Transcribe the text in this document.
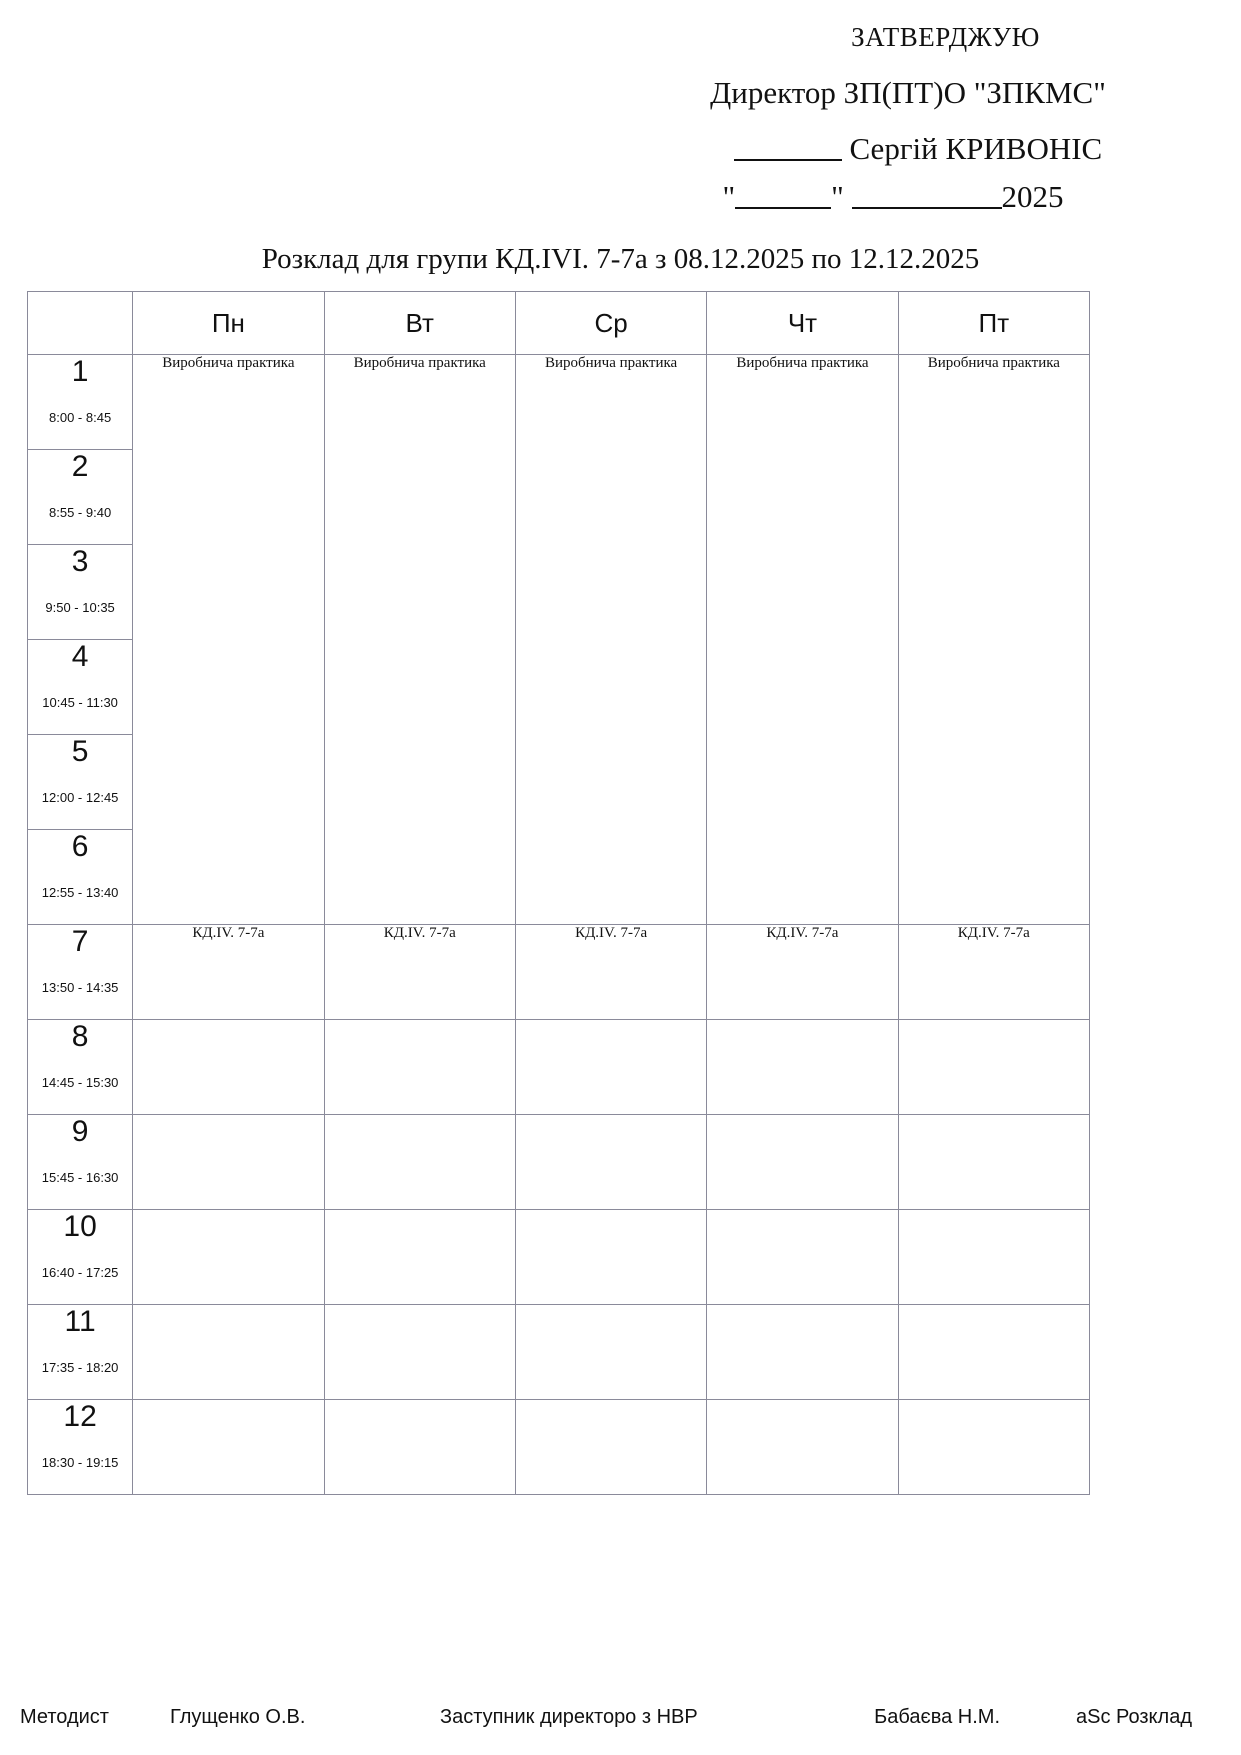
ЗАТВЕРДЖУЮ
Директор ЗП(ПТ)О "ЗПКМС"
Сергій КРИВОНІС
"	"	2025
Розклад для групи КД.IVI. 7-7а з 08.12.2025 по 12.12.2025
	Пн	Вт	Ср	Чт	Пт

1
8:00 - 8:45	Виробнича практика	Виробнича практика	Виробнича практика	Виробнича практика	Виробнича практика

2
8:55 - 9:40					

3
9:50 - 10:35					

4
10:45 - 11:30					

5
12:00 - 12:45					

6
12:55 - 13:40					

7
13:50 - 14:35	КД.IV. 7-7а	КД.IV. 7-7а	КД.IV. 7-7а	КД.IV. 7-7а	КД.IV. 7-7а

8
14:45 - 15:30					

9
15:45 - 16:30					

10
16:40 - 17:25					

11
17:35 - 18:20					

12
18:30 - 19:15					

Методист	Глущенко О.В.	Заступник директоро з НВР	Бабаєва Н.М.	aSc Розклад
